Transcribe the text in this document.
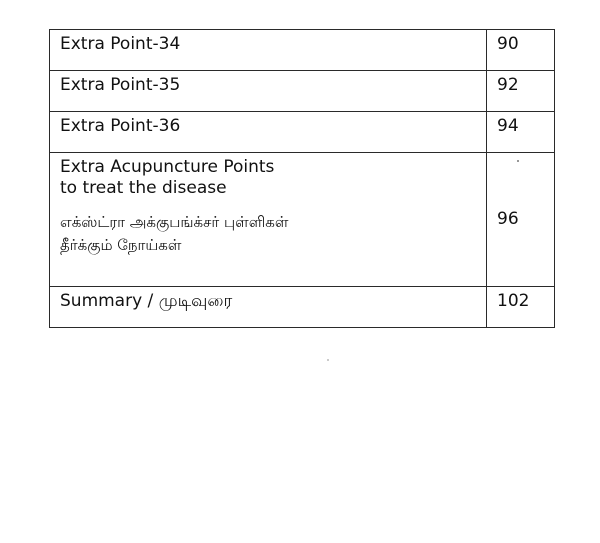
Extra Point-34	90
Extra Point-35	92
Extra Point-36	94

Extra Acupuncture Points
to treat the disease
எக்ஸ்ட்ரா அக்குபங்க்சர் புள்ளிகள்
தீர்க்கும் நோய்கள்	96
Summary / முடிவுரை	102
